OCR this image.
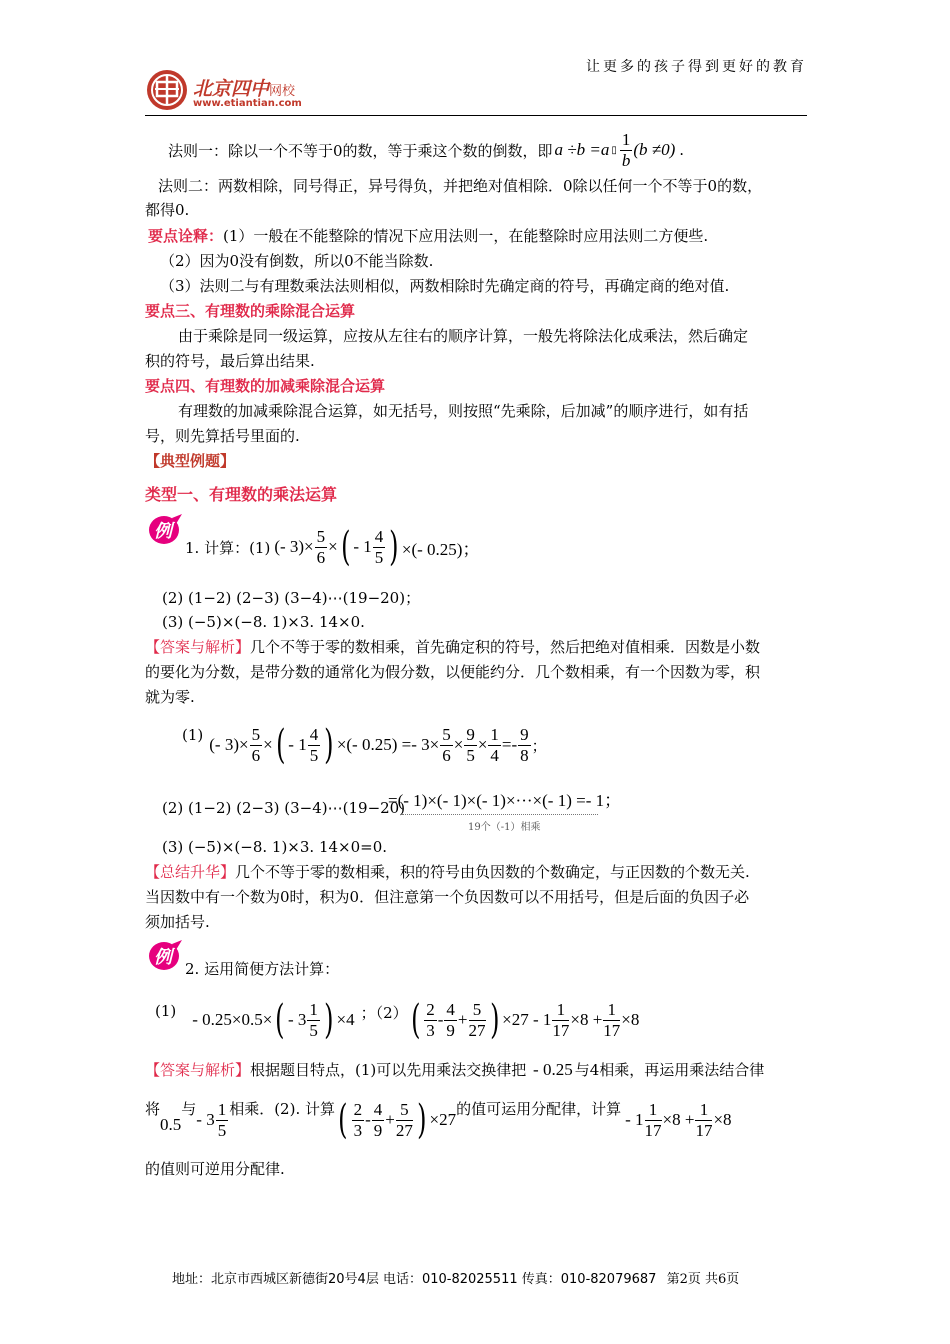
北京四中网校
www.etiantian.com
让更多的孩子得到更好的教育
法则一：除以一个不等于0的数，等于乘这个数的倒数，即 a ÷b =a ▯ $\frac{1}{b} (b \ne 0)$ .
法则二：两数相除，同号得正，异号得负，并把绝对值相除．0除以任何一个不等于0的数，
都得0.
要点诠释：(1）一般在不能整除的情况下应用法则一，在能整除时应用法则二方便些.
（2）因为0没有倒数，所以0不能当除数.
（3）法则二与有理数乘法法则相似，两数相除时先确定商的符号，再确定商的绝对值.
要点三、有理数的乘除混合运算
由于乘除是同一级运算，应按从左往右的顺序计算，一般先将除法化成乘法，然后确定
积的符号，最后算出结果.
要点四、有理数的加减乘除混合运算
有理数的加减乘除混合运算，如无括号，则按照“先乘除，后加减”的顺序进行，如有括
号，则先算括号里面的.
【典型例题】
类型一、有理数的乘法运算
例
1. 计算：(1) (- $3)\times \frac{5}{6}$ × ( - $1 \frac{4}{5}$ ) ×(- 0.25)；
(2) (1−2) (2−3) (3−4)⋯(19−20)；
(3) (−5)×(−8. 1)×3. 14×0.
【答案与解析】几个不等于零的数相乘，首先确定积的符号，然后把绝对值相乘．因数是小数
的要化为分数，是带分数的通常化为假分数，以便能约分．几个数相乘，有一个因数为零，积
就为零.
(1) (- $3)\times \frac{5}{6}$ × ( - $1 \frac{4}{5}$ ) ×(- $0.25) =- 3\times \frac{5}{6} \times \frac{9}{5} \times \frac{1}{4} =- \frac{9}{8}$ ；
(2) (1−2) (2−3) (3−4)⋯(19−20)
=(- 1)×(- 1)×(- 1)×···×(- 1) =- 1；
19个（-1）相乘
(3) (−5)×(−8. 1)×3. 14×0=0.
【总结升华】几个不等于零的数相乘，积的符号由负因数的个数确定，与正因数的个数无关.
当因数中有一个数为0时，积为0．但注意第一个负因数可以不用括号，但是后面的负因子必
须加括号.
例
2. 运用简便方法计算：
(1) - 0.25×0.5× ( - $3 \frac{1}{5}$ ) ×4 ；（2） ( $\frac{2}{3} - \frac{4}{9} + \frac{5}{27}$ ) $\times 27 - 1 \frac{1}{17} \times 8 + \frac{1}{17} \times 8$
【答案与解析】根据题目特点，(1)可以先用乘法交换律把 - 0.25 与4相乘，再运用乘法结合律
将
0.5
与
- $3 \frac{1}{5}$ 相乘．(2). 计算 ( $\frac{2}{3} - \frac{4}{9} + \frac{5}{27}$ ) ×27
的值可运用分配律，计算
- $1 \frac{1}{17} \times 8 + \frac{1}{17} \times 8$
的值则可逆用分配律.
地址：北京市西城区新德街20号4层 电话：010-82025511 传真：010-82079687 第2页 共6页
